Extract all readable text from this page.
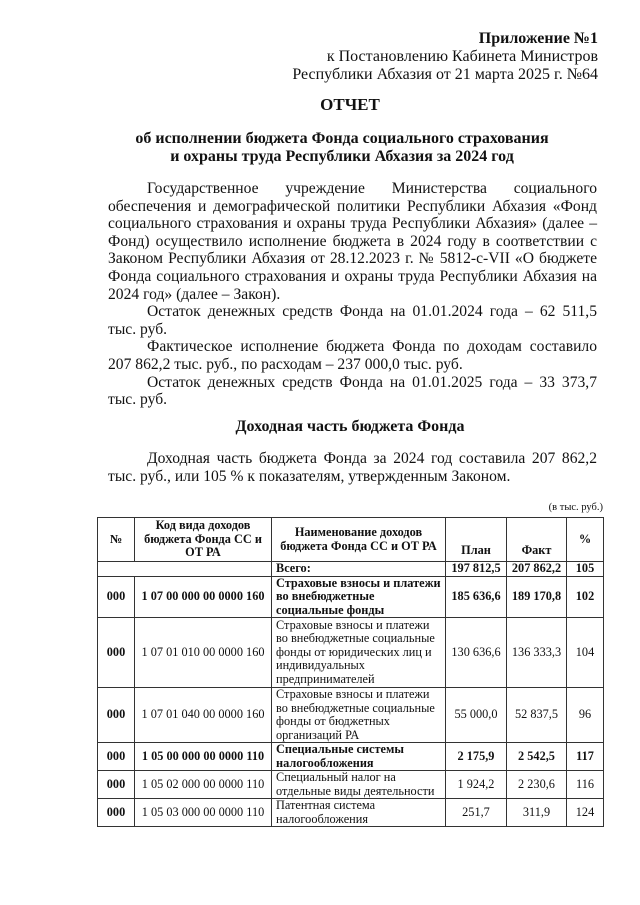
Приложение №1
к Постановлению Кабинета Министров
Республики Абхазия от 21 марта 2025 г. №64
ОТЧЕТ
об исполнении бюджета Фонда социального страхования
и охраны труда Республики Абхазия за 2024 год

Государственное учреждение Министерства социального обеспечения и демографической политики Республики Абхазия «Фонд социального страхования и охраны труда Республики Абхазия» (далее – Фонд) осуществило исполнение бюджета в 2024 году в соответствии с Законом Республики Абхазия от 28.12.2023 г. № 5812-с-VII «О бюджете Фонда социального страхования и охраны труда Республики Абхазия на 2024 год» (далее – Закон).

Остаток денежных средств Фонда на 01.01.2024 года – 62 511,5 тыс. руб.

Фактическое исполнение бюджета Фонда по доходам составило 207 862,2 тыс. руб., по расходам – 237 000,0 тыс. руб.

Остаток денежных средств Фонда на 01.01.2025 года – 33 373,7 тыс. руб.

Доходная часть бюджета Фонда

Доходная часть бюджета Фонда за 2024 год составила 207 862,2 тыс. руб., или 105 % к показателям, утвержденным Законом.

(в тыс. руб.)
№	Код вида доходов бюджета Фонда СС и ОТ РА	Наименование доходов бюджета Фонда СС и ОТ РА	План	Факт	%
		Всего:	197 812,5	207 862,2	105
000	1 07 00 000 00 0000 160	Страховые взносы и платежи во внебюджетные социальные фонды	185 636,6	189 170,8	102
000	1 07 01 010 00 0000 160	Страховые взносы и платежи во внебюджетные социальные фонды от юридических лиц и индивидуальных предпринимателей	130 636,6	136 333,3	104
000	1 07 01 040 00 0000 160	Страховые взносы и платежи во внебюджетные социальные фонды от бюджетных организаций РА	55 000,0	52 837,5	96
000	1 05 00 000 00 0000 110	Специальные системы налогообложения	2 175,9	2 542,5	117
000	1 05 02 000 00 0000 110	Специальный налог на отдельные виды деятельности	1 924,2	2 230,6	116
000	1 05 03 000 00 0000 110	Патентная система налогообложения	251,7	311,9	124
